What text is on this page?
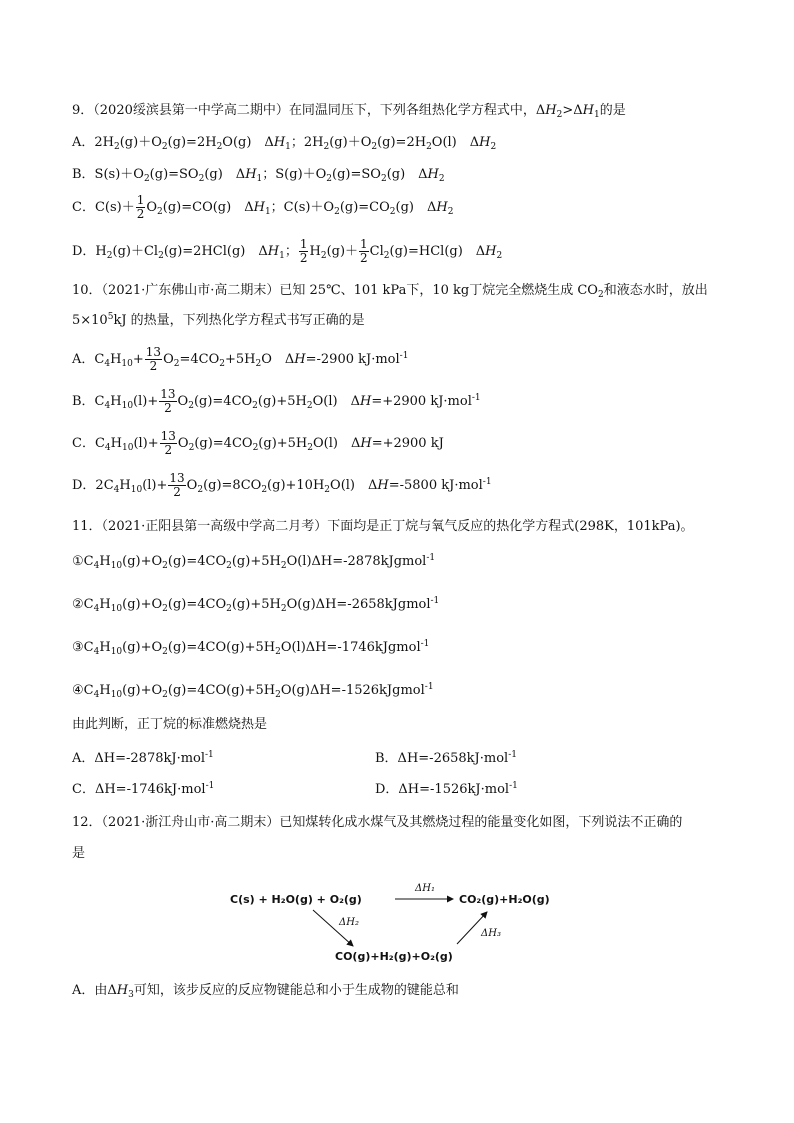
9．（2020绥滨县第一中学高二期中）在同温同压下，下列各组热化学方程式中，$\Delta H_2>\Delta H_1$的是
A．$2H_2(g)+O_2(g)=2H_2O(g)$　$\Delta H_1$；$2H_2(g)+O_2(g)=2H_2O(l)$　$\Delta H_2$
B．$S(s)+O_2(g)=SO_2(g)$　$\Delta H_1$；$S(g)+O_2(g)=SO_2(g)$　$\Delta H_2$
C．$C(s)+ \frac{1}{2} O_2(g)=CO(g)$　$\Delta H_1$；$C(s)+O_2(g)=CO_2(g)$　$\Delta H_2$
D．$H_2(g)+Cl_2(g)=2HCl(g)$　$\Delta H_1$； $\frac{1}{2} H_2(g)+ \frac{1}{2} Cl_2(g)=HCl(g)$　$\Delta H_2$
10．（2021·广东佛山市·高二期末）已知 25℃、101 kPa下，10 kg丁烷完全燃烧生成 $CO_2$和液态水时，放出
$5\times 10^5kJ$ 的热量，下列热化学方程式书写正确的是
A．$C_4H_{10}+ \frac{13}{2} O_2=4CO_2+5H_2O$　ΔH=-2900 kJ·mol$^{-1}$
B．$C_4H_{10}(l)+ \frac{13}{2} O_2(g)=4CO_2(g)+5H_2O(l)$　ΔH=+2900 kJ·mol$^{-1}$
C．$C_4H_{10}(l)+ \frac{13}{2} O_2(g)=4CO_2(g)+5H_2O(l)$　ΔH=+2900 kJ
D．$2C_4H_{10}(l)+ \frac{13}{2} O_2(g)=8CO_2(g)+10H_2O(l)$　ΔH=-5800 kJ·mol$^{-1}$
11．（2021·正阳县第一高级中学高二月考）下面均是正丁烷与氧气反应的热化学方程式(298K，101kPa)。
$①C_4H_{10}(g)+O_2(g)=4CO_2(g)+5H_2O(l)\Delta H=-2878kJgmol^{-1}$
$②C_4H_{10}(g)+O_2(g)=4CO_2(g)+5H_2O(g)\Delta H=-2658kJgmol^{-1}$
$③C_4H_{10}(g)+O_2(g)=4CO(g)+5H_2O(l)\Delta H=-1746kJgmol^{-1}$
$④C_4H_{10}(g)+O_2(g)=4CO(g)+5H_2O(g)\Delta H=-1526kJgmol^{-1}$
由此判断，正丁烷的标准燃烧热是
A．ΔH=-2878kJ·mol$^{-1}$	B．ΔH=-2658kJ·mol$^{-1}$
C．ΔH=-1746kJ·mol$^{-1}$	D．ΔH=-1526kJ·mol$^{-1}$
12．（2021·浙江舟山市·高二期末）已知煤转化成水煤气及其燃烧过程的能量变化如图，下列说法不正确的
是
C(s) + H₂O(g) + O₂(g)
ΔH₁
CO₂(g)+H₂O(g)
ΔH₂
CO(g)+H₂(g)+O₂(g)
ΔH₃
A．由$\Delta H_3$可知，该步反应的反应物键能总和小于生成物的键能总和
